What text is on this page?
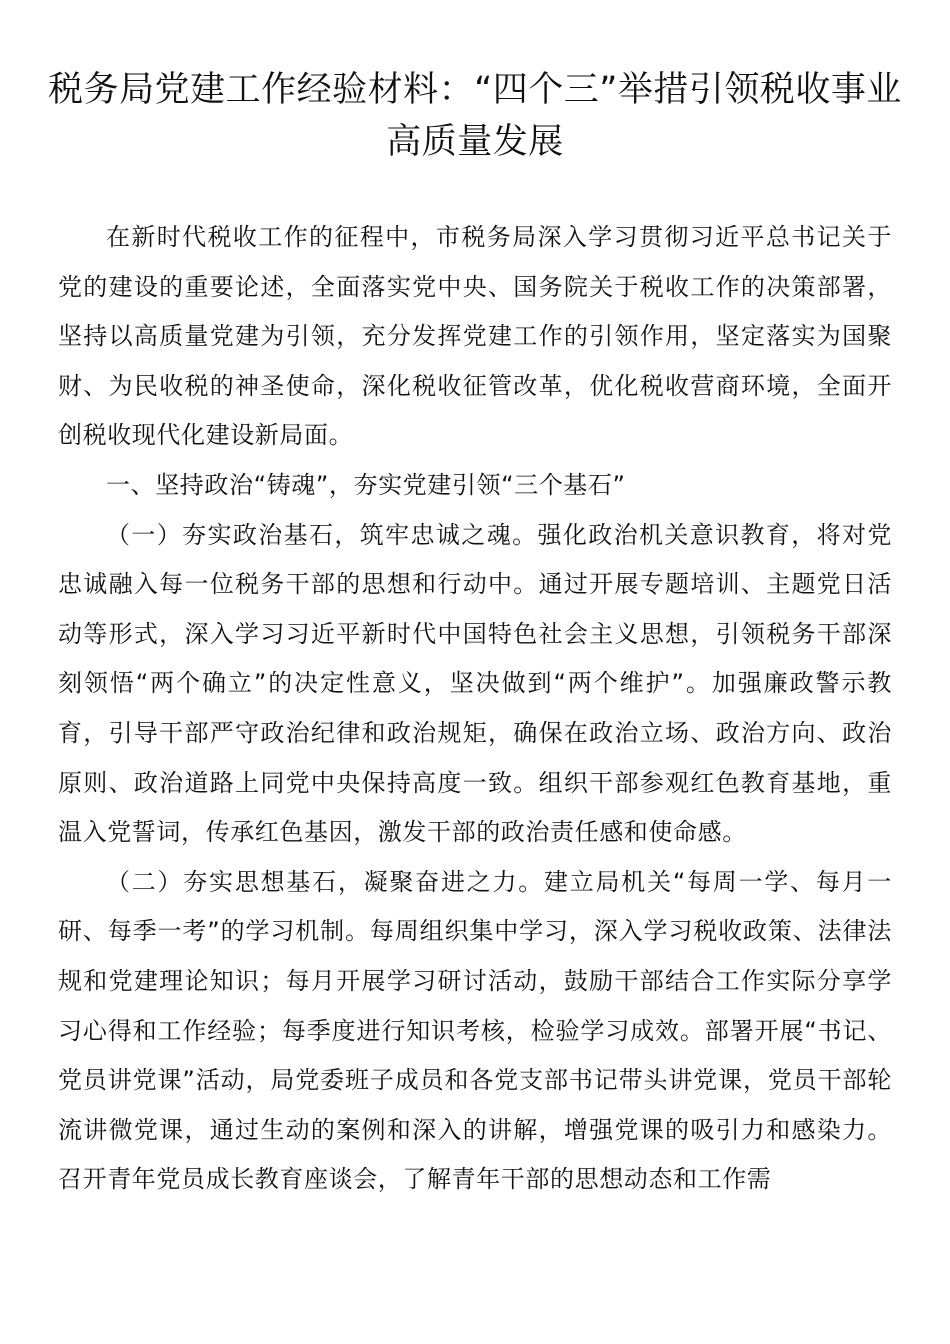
税务局党建工作经验材料：“四个三”举措引领税收事业高质量发展

在新时代税收工作的征程中，市税务局深入学习贯彻习近平总书记关于党的建设的重要论述，全面落实党中央、国务院关于税收工作的决策部署，坚持以高质量党建为引领，充分发挥党建工作的引领作用，坚定落实为国聚财、为民收税的神圣使命，深化税收征管改革，优化税收营商环境，全面开创税收现代化建设新局面。

一、坚持政治“铸魂”，夯实党建引领“三个基石”

（一）夯实政治基石，筑牢忠诚之魂。强化政治机关意识教育，将对党忠诚融入每一位税务干部的思想和行动中。通过开展专题培训、主题党日活动等形式，深入学习习近平新时代中国特色社会主义思想，引领税务干部深刻领悟“两个确立”的决定性意义，坚决做到“两个维护”。加强廉政警示教育，引导干部严守政治纪律和政治规矩，确保在政治立场、政治方向、政治原则、政治道路上同党中央保持高度一致。组织干部参观红色教育基地，重温入党誓词，传承红色基因，激发干部的政治责任感和使命感。

（二）夯实思想基石，凝聚奋进之力。建立局机关“每周一学、每月一研、每季一考”的学习机制。每周组织集中学习，深入学习税收政策、法律法规和党建理论知识；每月开展学习研讨活动，鼓励干部结合工作实际分享学习心得和工作经验；每季度进行知识考核，检验学习成效。部署开展“书记、党员讲党课”活动，局党委班子成员和各党支部书记带头讲党课，党员干部轮流讲微党课，通过生动的案例和深入的讲解，增强党课的吸引力和感染力。召开青年党员成长教育座谈会，了解青年干部的思想动态和工作需
